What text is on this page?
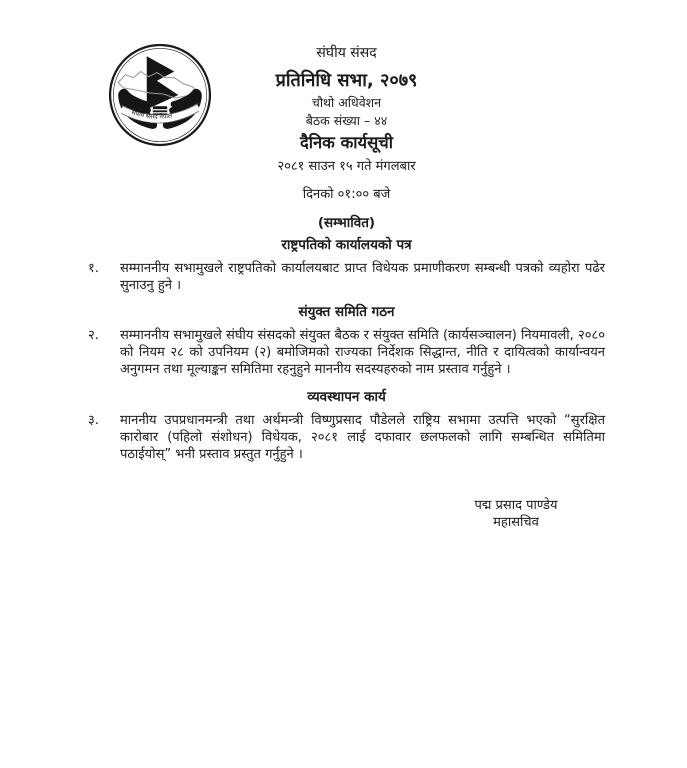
संघीय संसद नेपाल
संघीय संसद
प्रतिनिधि सभा, २०७९
चौथो अधिवेशन
बैठक संख्या – ४४
दैनिक कार्यसूची
२०८१ साउन १५ गते मंगलबार
दिनको ०१:०० बजे
(सम्भावित)
राष्ट्रपतिको कार्यालयको पत्र
१.	सम्माननीय सभामुखले राष्ट्रपतिको कार्यालयबाट प्राप्त विधेयक प्रमाणीकरण सम्बन्धी पत्रको व्यहोरा पढेर सुनाउनु हुने ।
संयुक्त समिति गठन
२.	सम्माननीय सभामुखले संघीय संसदको संयुक्त बैठक र संयुक्त समिति (कार्यसञ्चालन) नियमावली, २०८० को नियम २८ को उपनियम (२) बमोजिमको राज्यका निर्देशक सिद्धान्त, नीति र दायित्वको कार्यान्वयन अनुगमन तथा मूल्याङ्कन समितिमा रहनुहुने माननीय सदस्यहरुको नाम प्रस्ताव गर्नुहुने ।
व्यवस्थापन कार्य
३.	माननीय उपप्रधानमन्त्री तथा अर्थमन्त्री विष्णुप्रसाद पौडेलले राष्ट्रिय सभामा उत्पत्ति भएको “सुरक्षित कारोबार (पहिलो संशोधन) विधेयक, २०८१ लाई दफावार छलफलको लागि सम्बन्धित समितिमा पठाईयोस्” भनी प्रस्ताव प्रस्तुत गर्नुहुने ।
पद्म प्रसाद पाण्डेय
महासचिव
